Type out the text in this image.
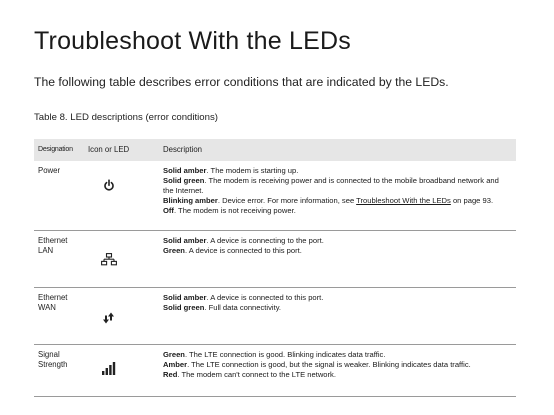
Troubleshoot With the LEDs
The following table describes error conditions that are indicated by the LEDs.
Table 8. LED descriptions (error conditions)
Designation	Icon or LED	Description
Power		Solid amber. The modem is starting up.
Solid green. The modem is receiving power and is connected to the mobile broadband network and the Internet.
Blinking amber. Device error. For more information, see Troubleshoot With the LEDs on page 93.
Off. The modem is not receiving power.

Ethernet LAN		Solid amber. A device is connecting to the port.
Green. A device is connected to this port.

Ethernet WAN		Solid amber. A device is connected to this port.
Solid green. Full data connectivity.

Signal Strength		Green. The LTE connection is good. Blinking indicates data traffic.
Amber. The LTE connection is good, but the signal is weaker. Blinking indicates data traffic.
Red. The modem can't connect to the LTE network.
